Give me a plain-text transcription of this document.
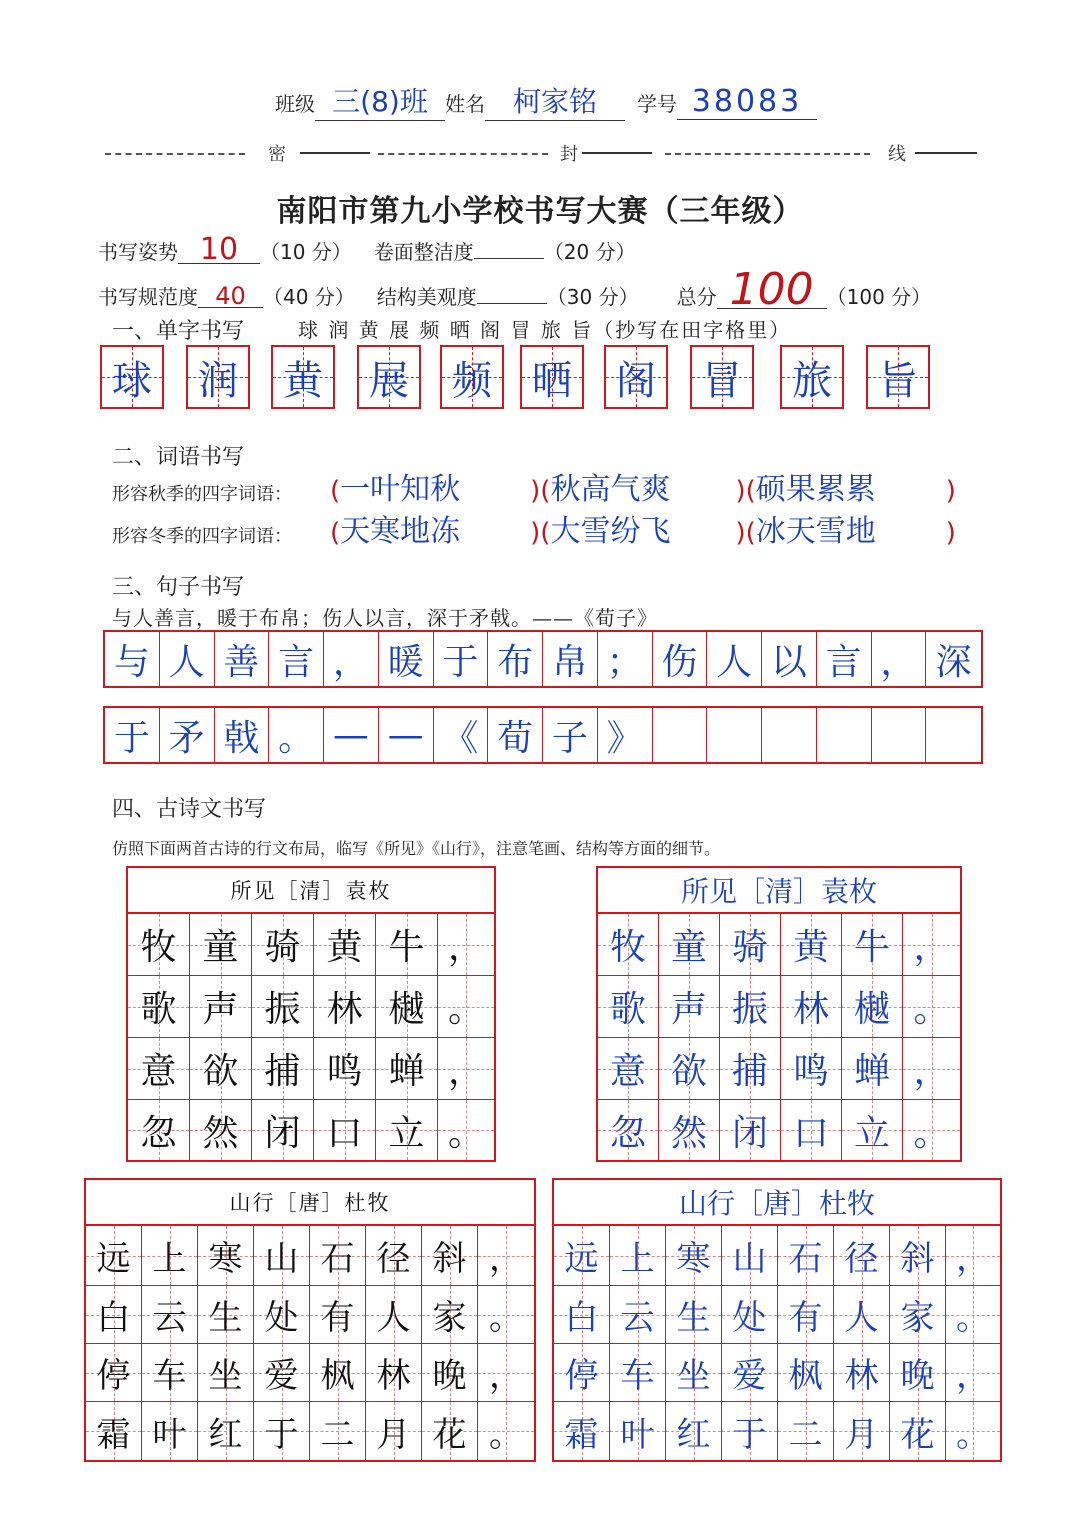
班级 三(8)班 姓名 柯家铭 学号 38083
密	封	线
南阳市第九小学校书写大赛（三年级）
书写姿势 10 （10 分） 卷面整洁度	（20 分）
书写规范度 40 （40 分） 结构美观度	（30 分） 总分 100 （100 分）
一、单字书写	球 润 黄 展 频 晒 阁 冒 旅 旨（抄写在田字格里）
球 润 黄 展 频 晒 阁 冒 旅 旨
二、词语书写
形容秋季的四字词语： (一叶知秋	)(秋高气爽	)(硕果累累	)
形容冬季的四字词语： (天寒地冻	)(大雪纷飞	)(冰天雪地	)
三、句子书写
与人善言，暖于布帛；伤人以言，深于矛戟。——《荀子》
与 人 善 言 ， 暖 于 布 帛 ； 伤 人 以 言 ， 深
于 矛 戟 。 — — 《 荀 子 》
四、古诗文书写
仿照下面两首古诗的行文布局，临写《所见》《山行》，注意笔画、结构等方面的细节。
所见［清］袁枚
牧 童 骑 黄 牛 ，
歌 声 振 林 樾 。
意 欲 捕 鸣 蝉 ，
忽 然 闭 口 立 。
所见［清］袁枚
牧 童 骑 黄 牛 ，
歌 声 振 林 樾 。
意 欲 捕 鸣 蝉 ，
忽 然 闭 口 立 。
山行［唐］杜牧
远 上 寒 山 石 径 斜 ，
白 云 生 处 有 人 家 。
停 车 坐 爱 枫 林 晚 ，
霜 叶 红 于 二 月 花 。
山行［唐］杜牧
远 上 寒 山 石 径 斜 ，
白 云 生 处 有 人 家 。
停 车 坐 爱 枫 林 晚 ，
霜 叶 红 于 二 月 花 。
